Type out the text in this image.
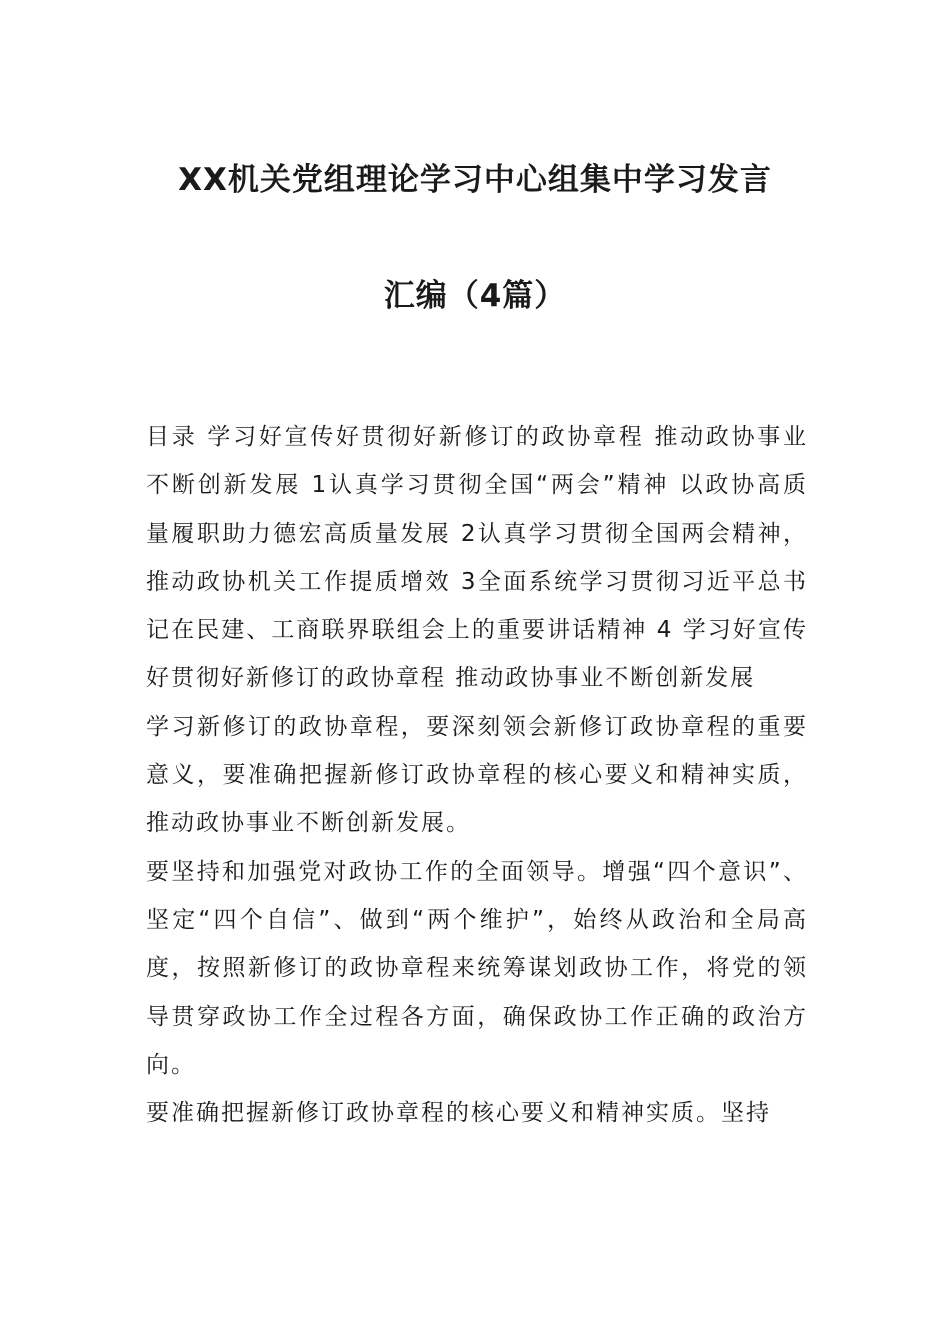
XX机关党组理论学习中心组集中学习发言
汇编（4篇）

目录 学习好宣传好贯彻好新修订的政协章程 推动政协事业不断创新发展 1认真学习贯彻全国“两会”精神 以政协高质量履职助力德宏高质量发展 2认真学习贯彻全国两会精神，推动政协机关工作提质增效 3全面系统学习贯彻习近平总书记在民建、工商联界联组会上的重要讲话精神 4 学习好宣传好贯彻好新修订的政协章程 推动政协事业不断创新发展

学习新修订的政协章程，要深刻领会新修订政协章程的重要意义，要准确把握新修订政协章程的核心要义和精神实质，推动政协事业不断创新发展。

要坚持和加强党对政协工作的全面领导。增强“四个意识”、坚定“四个自信”、做到“两个维护”，始终从政治和全局高度，按照新修订的政协章程来统筹谋划政协工作，将党的领导贯穿政协工作全过程各方面，确保政协工作正确的政治方向。

要准确把握新修订政协章程的核心要义和精神实质。坚持
